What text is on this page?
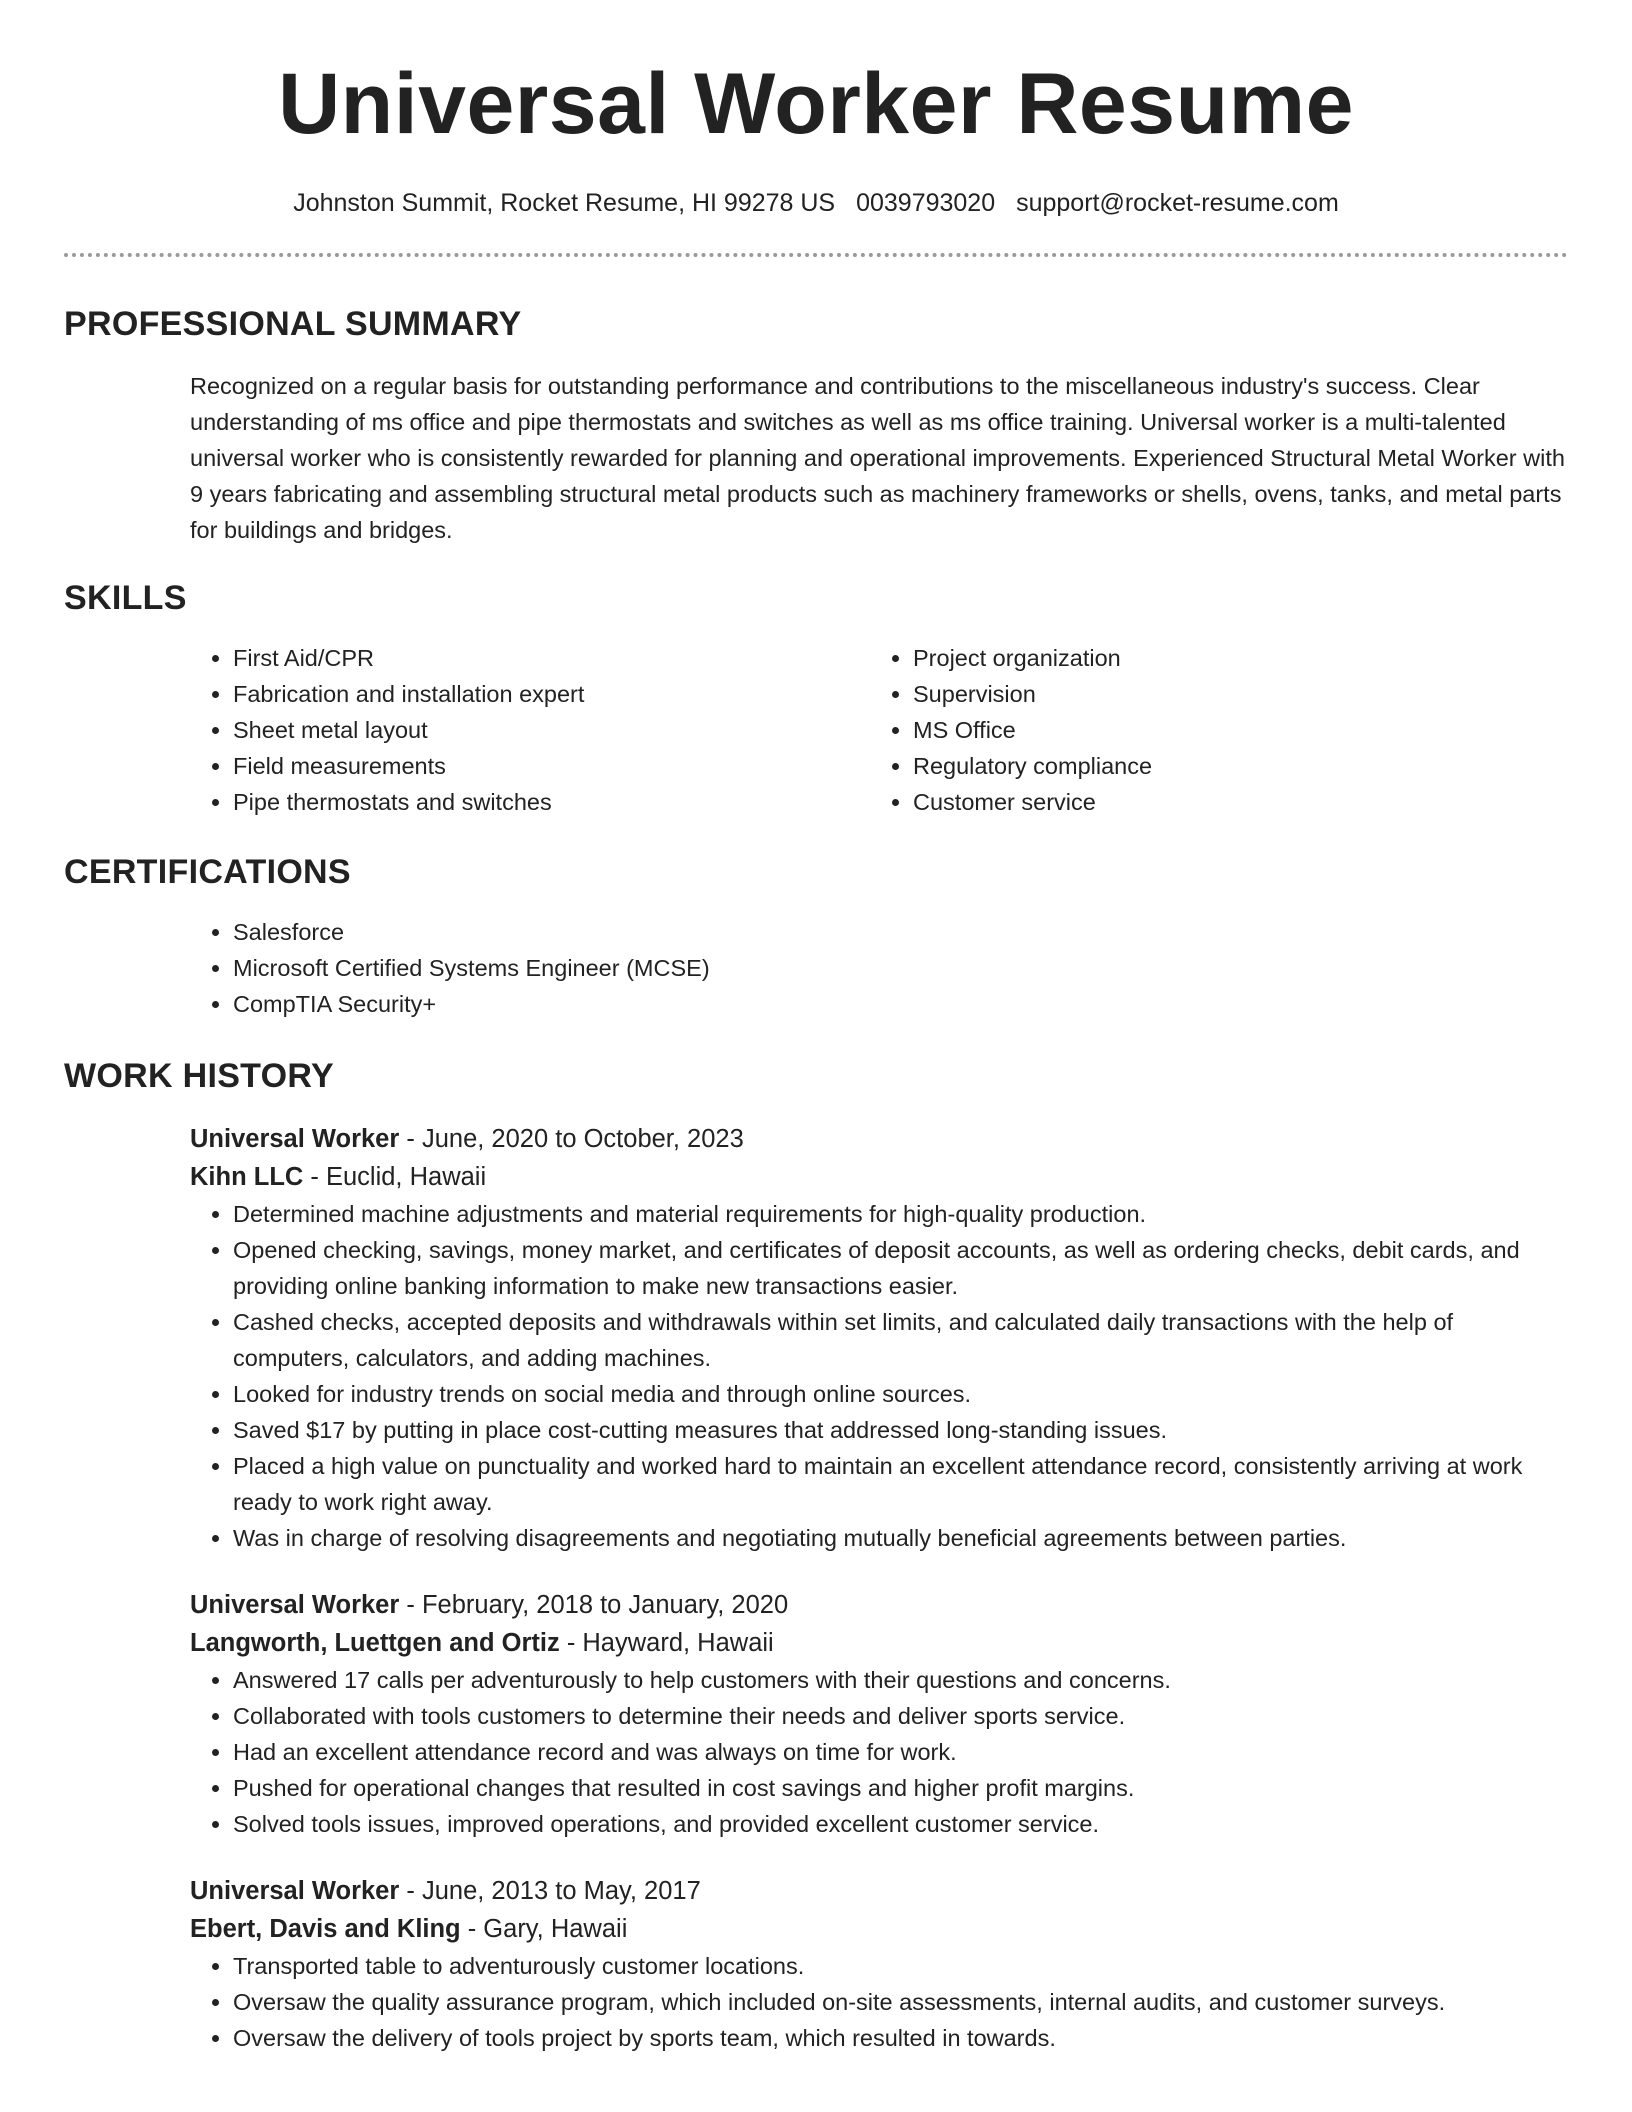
Universal Worker Resume
Johnston Summit, Rocket Resume, HI 99278 US 0039793020 support@rocket-resume.com
PROFESSIONAL SUMMARY

Recognized on a regular basis for outstanding performance and contributions to the miscellaneous industry's success. Clear understanding of ms office and pipe thermostats and switches as well as ms office training. Universal worker is a multi-talented universal worker who is consistently rewarded for planning and operational improvements. Experienced Structural Metal Worker with 9 years fabricating and assembling structural metal products such as machinery frameworks or shells, ovens, tanks, and metal parts for buildings and bridges.

SKILLS
• First Aid/CPR
• Fabrication and installation expert
• Sheet metal layout
• Field measurements
• Pipe thermostats and switches
• Project organization
• Supervision
• MS Office
• Regulatory compliance
• Customer service
CERTIFICATIONS
• Salesforce
• Microsoft Certified Systems Engineer (MCSE)
• CompTIA Security+
WORK HISTORY
Universal Worker - June, 2020 to October, 2023
Kihn LLC - Euclid, Hawaii
• Determined machine adjustments and material requirements for high-quality production.
• Opened checking, savings, money market, and certificates of deposit accounts, as well as ordering checks, debit cards, and providing online banking information to make new transactions easier.
• Cashed checks, accepted deposits and withdrawals within set limits, and calculated daily transactions with the help of computers, calculators, and adding machines.
• Looked for industry trends on social media and through online sources.
• Saved $17 by putting in place cost-cutting measures that addressed long-standing issues.
• Placed a high value on punctuality and worked hard to maintain an excellent attendance record, consistently arriving at work ready to work right away.
• Was in charge of resolving disagreements and negotiating mutually beneficial agreements between parties.
Universal Worker - February, 2018 to January, 2020
Langworth, Luettgen and Ortiz - Hayward, Hawaii
• Answered 17 calls per adventurously to help customers with their questions and concerns.
• Collaborated with tools customers to determine their needs and deliver sports service.
• Had an excellent attendance record and was always on time for work.
• Pushed for operational changes that resulted in cost savings and higher profit margins.
• Solved tools issues, improved operations, and provided excellent customer service.
Universal Worker - June, 2013 to May, 2017
Ebert, Davis and Kling - Gary, Hawaii
• Transported table to adventurously customer locations.
• Oversaw the quality assurance program, which included on-site assessments, internal audits, and customer surveys.
• Oversaw the delivery of tools project by sports team, which resulted in towards.
